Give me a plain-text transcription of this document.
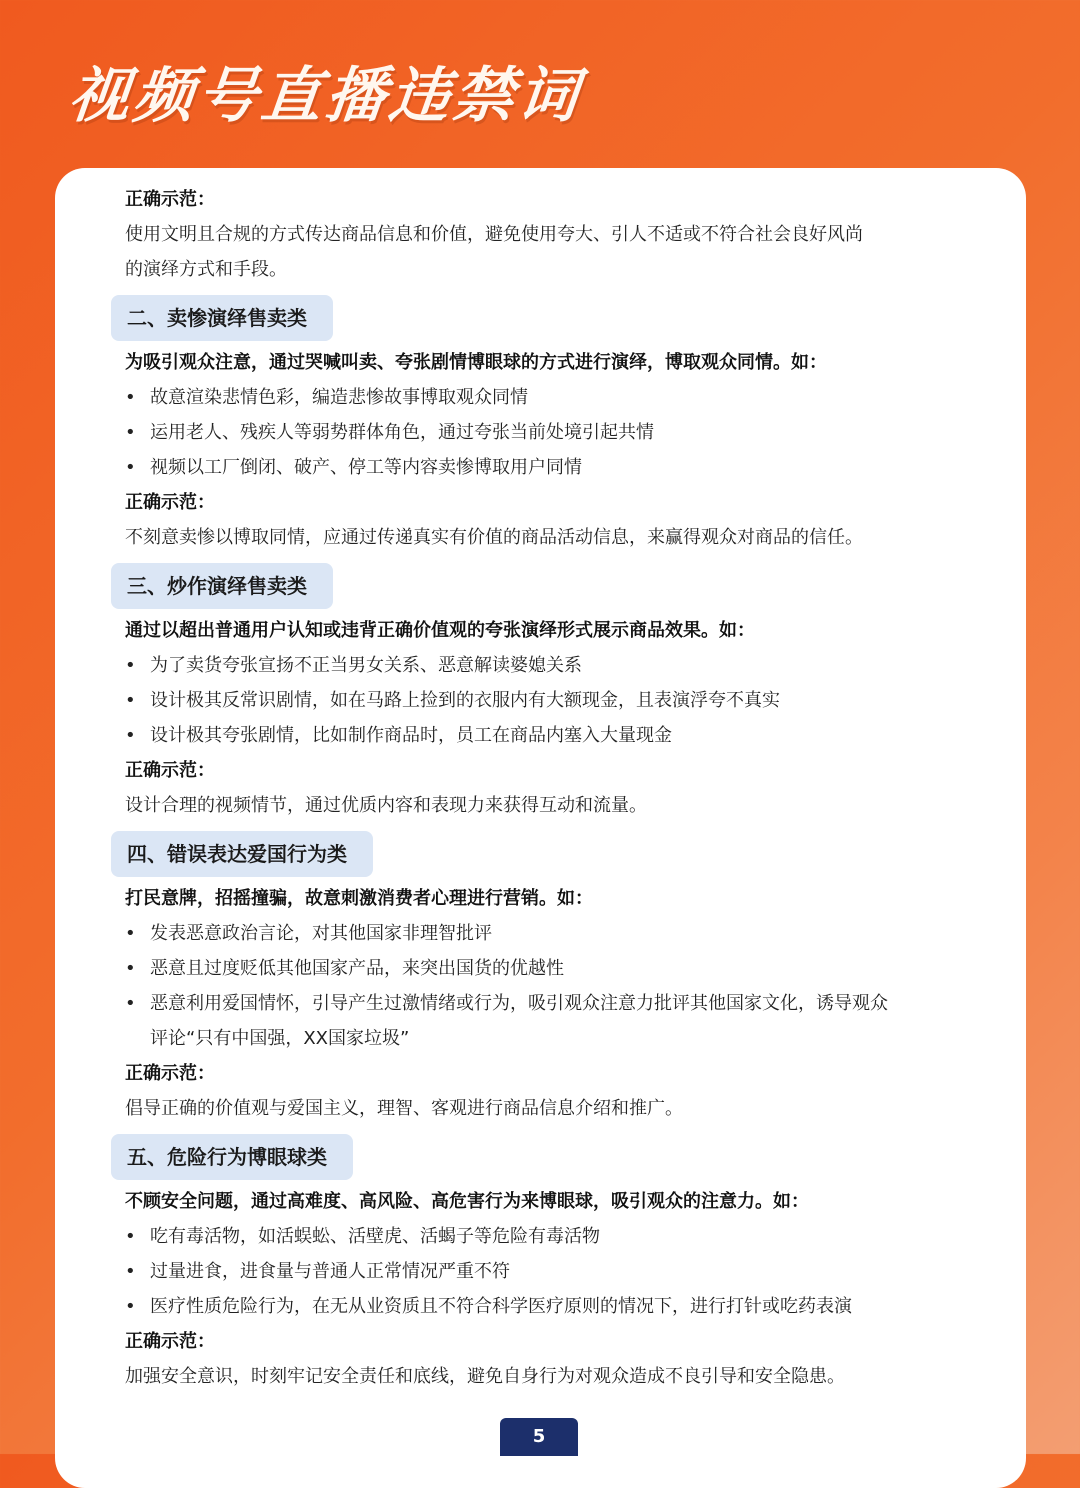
视频号直播违禁词
正确示范：
使用文明且合规的方式传达商品信息和价值，避免使用夸大、引人不适或不符合社会良好风尚
的演绎方式和手段。
二、卖惨演绎售卖类
为吸引观众注意，通过哭喊叫卖、夸张剧情博眼球的方式进行演绎，博取观众同情。如：
• 故意渲染悲情色彩，编造悲惨故事博取观众同情
• 运用老人、残疾人等弱势群体角色，通过夸张当前处境引起共情
• 视频以工厂倒闭、破产、停工等内容卖惨博取用户同情
正确示范：
不刻意卖惨以博取同情，应通过传递真实有价值的商品活动信息，来赢得观众对商品的信任。
三、炒作演绎售卖类
通过以超出普通用户认知或违背正确价值观的夸张演绎形式展示商品效果。如：
• 为了卖货夸张宣扬不正当男女关系、恶意解读婆媳关系
• 设计极其反常识剧情，如在马路上捡到的衣服内有大额现金，且表演浮夸不真实
• 设计极其夸张剧情，比如制作商品时，员工在商品内塞入大量现金
正确示范：
设计合理的视频情节，通过优质内容和表现力来获得互动和流量。
四、错误表达爱国行为类
打民意牌，招摇撞骗，故意刺激消费者心理进行营销。如：
• 发表恶意政治言论，对其他国家非理智批评
• 恶意且过度贬低其他国家产品，来突出国货的优越性
• 恶意利用爱国情怀，引导产生过激情绪或行为，吸引观众注意力批评其他国家文化，诱导观众
评论“只有中国强，XX国家垃圾”
正确示范：
倡导正确的价值观与爱国主义，理智、客观进行商品信息介绍和推广。
五、危险行为博眼球类
不顾安全问题，通过高难度、高风险、高危害行为来博眼球，吸引观众的注意力。如：
• 吃有毒活物，如活蜈蚣、活壁虎、活蝎子等危险有毒活物
• 过量进食，进食量与普通人正常情况严重不符
• 医疗性质危险行为，在无从业资质且不符合科学医疗原则的情况下，进行打针或吃药表演
正确示范：
加强安全意识，时刻牢记安全责任和底线，避免自身行为对观众造成不良引导和安全隐患。
5
